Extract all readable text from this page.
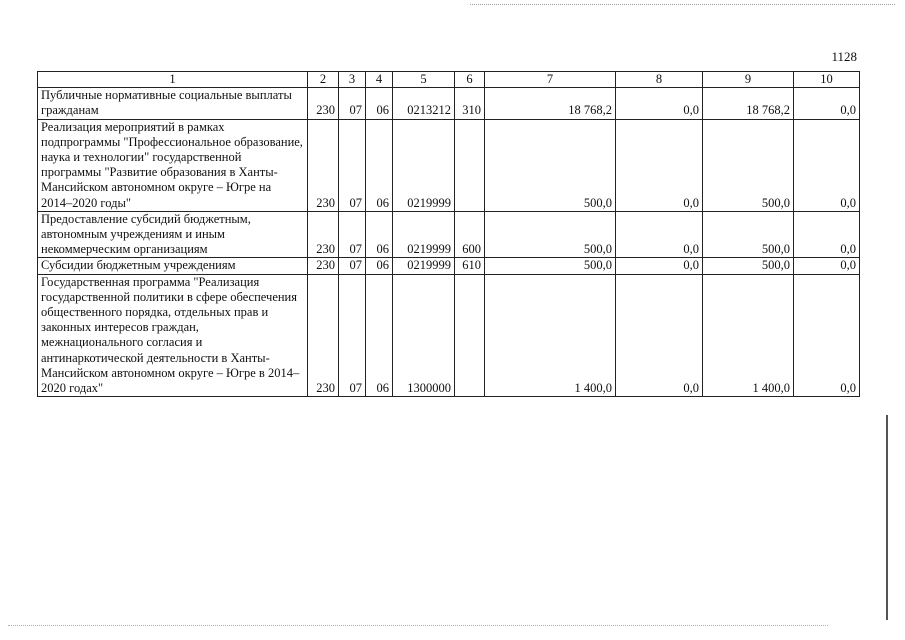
1128
1	2	3	4	5	6	7	8	9	10
Публичные нормативные социальные выплаты гражданам	230	07	06	0213212	310	18 768,2	0,0	18 768,2	0,0
Реализация мероприятий в рамках подпрограммы "Профессиональное образование, наука и технологии" государственной программы "Развитие образования в Ханты-Мансийском автономном округе – Югре на 2014–2020 годы"	230	07	06	0219999		500,0	0,0	500,0	0,0
Предоставление субсидий бюджетным, автономным учреждениям и иным некоммерческим организациям	230	07	06	0219999	600	500,0	0,0	500,0	0,0
Субсидии бюджетным учреждениям	230	07	06	0219999	610	500,0	0,0	500,0	0,0
Государственная программа "Реализация государственной политики в сфере обеспечения общественного порядка, отдельных прав и законных интересов граждан, межнационального согласия и антинаркотической деятельности в Ханты-Мансийском автономном округе – Югре в 2014–2020 годах"	230	07	06	1300000		1 400,0	0,0	1 400,0	0,0
